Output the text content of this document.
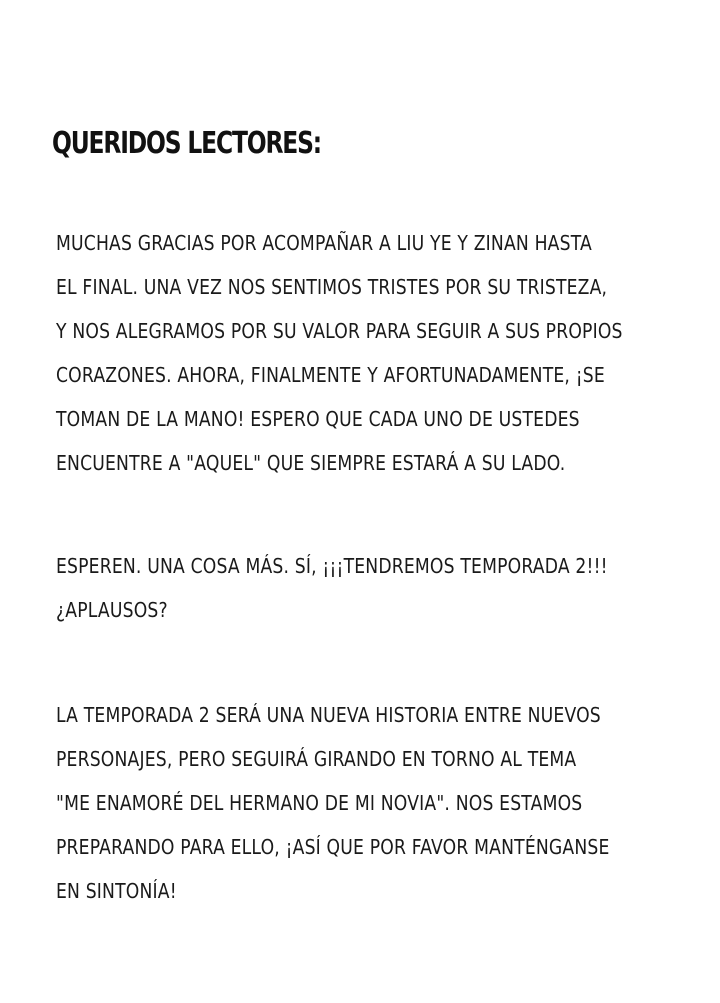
QUERIDOS LECTORES:
MUCHAS GRACIAS POR ACOMPAÑAR A LIU YE Y ZINAN HASTA
EL FINAL. UNA VEZ NOS SENTIMOS TRISTES POR SU TRISTEZA,
Y NOS ALEGRAMOS POR SU VALOR PARA SEGUIR A SUS PROPIOS
CORAZONES. AHORA, FINALMENTE Y AFORTUNADAMENTE, ¡SE
TOMAN DE LA MANO! ESPERO QUE CADA UNO DE USTEDES
ENCUENTRE A "AQUEL" QUE SIEMPRE ESTARÁ A SU LADO.
ESPEREN. UNA COSA MÁS. SÍ, ¡¡¡TENDREMOS TEMPORADA 2!!!
¿APLAUSOS?
LA TEMPORADA 2 SERÁ UNA NUEVA HISTORIA ENTRE NUEVOS
PERSONAJES, PERO SEGUIRÁ GIRANDO EN TORNO AL TEMA
"ME ENAMORÉ DEL HERMANO DE MI NOVIA". NOS ESTAMOS
PREPARANDO PARA ELLO, ¡ASÍ QUE POR FAVOR MANTÉNGANSE
EN SINTONÍA!
